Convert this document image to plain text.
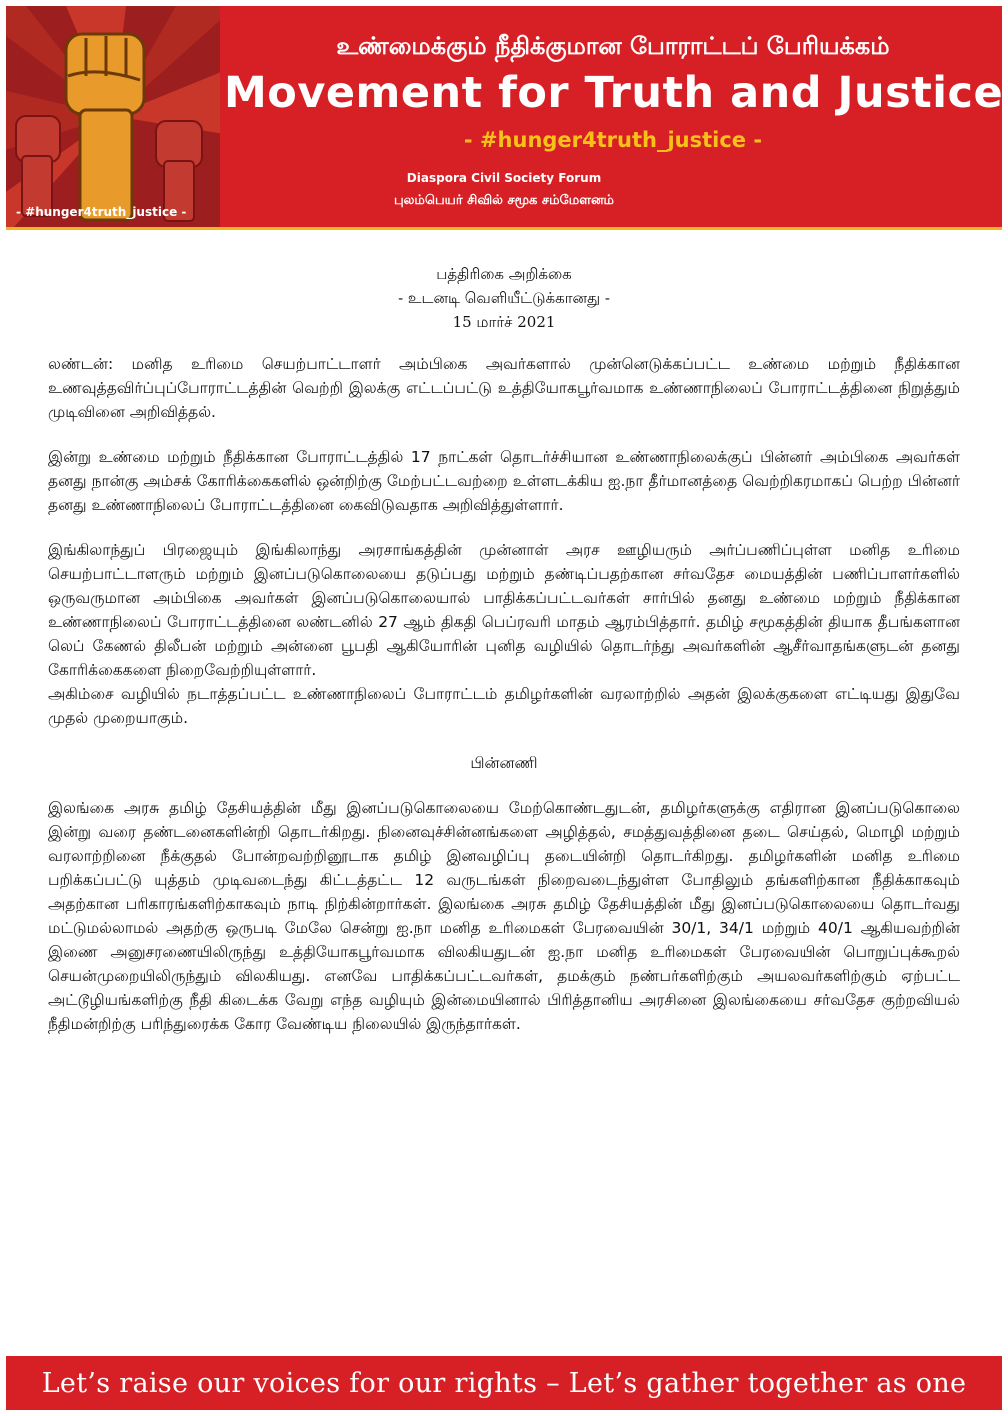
- #hunger4truth_justice -
உண்மைக்கும் நீதிக்குமான போராட்டப் பேரியக்கம்
Movement for Truth and Justice
- #hunger4truth_justice -
Diaspora Civil Society Forum
புலம்பெயர் சிவில் சமூக சம்மேளனம்
பத்திரிகை அறிக்கை
- உடனடி வெளியீட்டுக்கானது -
15 மார்ச் 2021

லண்டன்: மனித உரிமை செயற்பாட்டாளர் அம்பிகை அவர்களால் முன்னெடுக்கப்பட்ட உண்மை மற்றும் நீதிக்கான உணவுத்தவிர்ப்புப்போராட்டத்தின் வெற்றி இலக்கு எட்டப்பட்டு உத்தியோகபூர்வமாக உண்ணாநிலைப் போராட்டத்தினை நிறுத்தும் முடிவினை அறிவித்தல்.

இன்று உண்மை மற்றும் நீதிக்கான போராட்டத்தில் 17 நாட்கள் தொடர்ச்சியான உண்ணாநிலைக்குப் பின்னர் அம்பிகை அவர்கள் தனது நான்கு அம்சக் கோரிக்கைகளில் ஒன்றிற்கு மேற்பட்டவற்றை உள்ளடக்கிய ஐ.நா தீர்மானத்தை வெற்றிகரமாகப் பெற்ற பின்னர் தனது உண்ணாநிலைப் போராட்டத்தினை கைவிடுவதாக அறிவித்துள்ளார்.

இங்கிலாந்துப் பிரஜையும் இங்கிலாந்து அரசாங்கத்தின் முன்னாள் அரச ஊழியரும் அர்ப்பணிப்புள்ள மனித உரிமை செயற்பாட்டாளரும் மற்றும் இனப்படுகொலையை தடுப்பது மற்றும் தண்டிப்பதற்கான சர்வதேச மையத்தின் பணிப்பாளர்களில் ஒருவருமான அம்பிகை அவர்கள் இனப்படுகொலையால் பாதிக்கப்பட்டவர்கள் சார்பில் தனது உண்மை மற்றும் நீதிக்கான உண்ணாநிலைப் போராட்டத்தினை லண்டனில் 27 ஆம் திகதி பெப்ரவரி மாதம் ஆரம்பித்தார். தமிழ் சமூகத்தின் தியாக தீபங்களான லெப் கேணல் திலீபன் மற்றும் அன்னை பூபதி ஆகியோரின் புனித வழியில் தொடர்ந்து அவர்களின் ஆசீர்வாதங்களுடன் தனது கோரிக்கைகளை நிறைவேற்றியுள்ளார்.

அகிம்சை வழியில் நடாத்தப்பட்ட உண்ணாநிலைப் போராட்டம் தமிழர்களின் வரலாற்றில் அதன் இலக்குகளை எட்டியது இதுவே முதல் முறையாகும்.

பின்னணி

இலங்கை அரசு தமிழ் தேசியத்தின் மீது இனப்படுகொலையை மேற்கொண்டதுடன், தமிழர்களுக்கு எதிரான இனப்படுகொலை இன்று வரை தண்டனைகளின்றி தொடர்கிறது. நினைவுச்சின்னங்களை அழித்தல், சமத்துவத்தினை தடை செய்தல், மொழி மற்றும் வரலாற்றினை நீக்குதல் போன்றவற்றினூடாக தமிழ் இனவழிப்பு தடையின்றி தொடர்கிறது. தமிழர்களின் மனித உரிமை பறிக்கப்பட்டு யுத்தம் முடிவடைந்து கிட்டத்தட்ட 12 வருடங்கள் நிறைவடைந்துள்ள போதிலும் தங்களிற்கான நீதிக்காகவும் அதற்கான பரிகாரங்களிற்காகவும் நாடி நிற்கின்றார்கள். இலங்கை அரசு தமிழ் தேசியத்தின் மீது இனப்படுகொலையை தொடர்வது மட்டுமல்லாமல் அதற்கு ஒருபடி மேலே சென்று ஐ.நா மனித உரிமைகள் பேரவையின் 30/1, 34/1 மற்றும் 40/1 ஆகியவற்றின் இணை அனுசரணையிலிருந்து உத்தியோகபூர்வமாக விலகியதுடன் ஐ.நா மனித உரிமைகள் பேரவையின் பொறுப்புக்கூறல் செயன்முறையிலிருந்தும் விலகியது. எனவே பாதிக்கப்பட்டவர்கள், தமக்கும் நண்பர்களிற்கும் அயலவர்களிற்கும் ஏற்பட்ட அட்டூழியங்களிற்கு நீதி கிடைக்க வேறு எந்த வழியும் இன்மையினால் பிரித்தானிய அரசினை இலங்கையை சர்வதேச குற்றவியல் நீதிமன்றிற்கு பரிந்துரைக்க கோர வேண்டிய நிலையில் இருந்தார்கள்.

Let’s raise our voices for our rights – Let’s gather together as one
